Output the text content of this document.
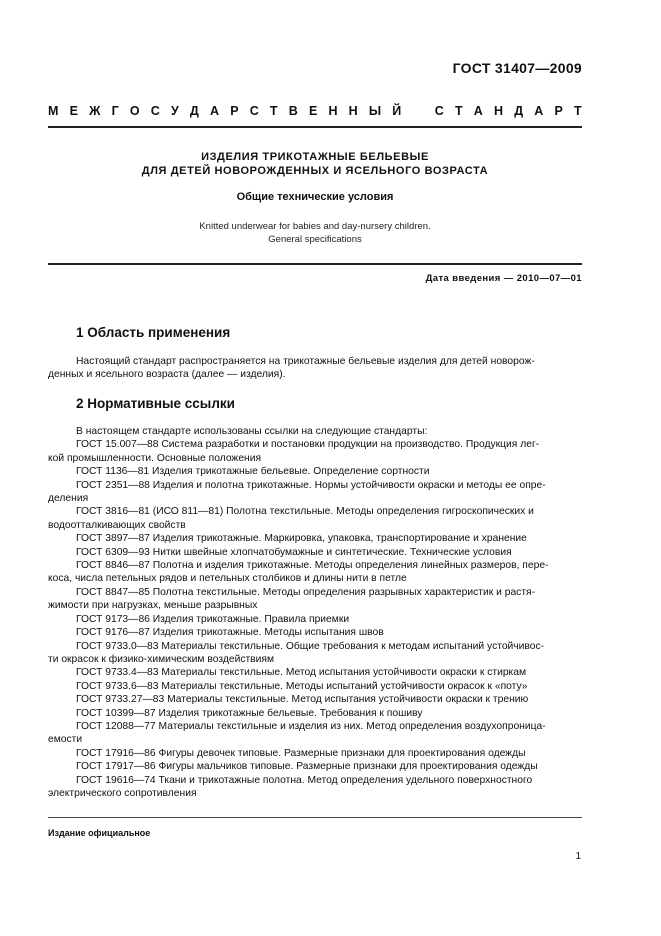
ГОСТ 31407—2009
М Е Ж Г О С У Д А Р С Т В Е Н Н Ы Й	С Т А Н Д А Р Т
ИЗДЕЛИЯ ТРИКОТАЖНЫЕ БЕЛЬЕВЫЕ
ДЛЯ ДЕТЕЙ НОВОРОЖДЕННЫХ И ЯСЕЛЬНОГО ВОЗРАСТА
Общие технические условия
Knitted underwear for babies and day-nursery children.
General specifications
Дата введения — 2010—07—01
1 Область применения
Настоящий стандарт распространяется на трикотажные бельевые изделия для детей новорож-
денных и ясельного возраста (далее — изделия).
2 Нормативные ссылки
В настоящем стандарте использованы ссылки на следующие стандарты:
ГОСТ 15.007—88 Система разработки и постановки продукции на производство. Продукция лег-
кой промышленности. Основные положения
ГОСТ 1136—81 Изделия трикотажные бельевые. Определение сортности
ГОСТ 2351—88 Изделия и полотна трикотажные. Нормы устойчивости окраски и методы ее опре-
деления
ГОСТ 3816—81 (ИСО 811—81) Полотна текстильные. Методы определения гигроскопических и
водоотталкивающих свойств
ГОСТ 3897—87 Изделия трикотажные. Маркировка, упаковка, транспортирование и хранение
ГОСТ 6309—93 Нитки швейные хлопчатобумажные и синтетические. Технические условия
ГОСТ 8846—87 Полотна и изделия трикотажные. Методы определения линейных размеров, пере-
коса, числа петельных рядов и петельных столбиков и длины нити в петле
ГОСТ 8847—85 Полотна текстильные. Методы определения разрывных характеристик и растя-
жимости при нагрузках, меньше разрывных
ГОСТ 9173—86 Изделия трикотажные. Правила приемки
ГОСТ 9176—87 Изделия трикотажные. Методы испытания швов
ГОСТ 9733.0—83 Материалы текстильные. Общие требования к методам испытаний устойчивос-
ти окрасок к физико-химическим воздействиям
ГОСТ 9733.4—83 Материалы текстильные. Метод испытания устойчивости окраски к стиркам
ГОСТ 9733.6—83 Материалы текстильные. Методы испытаний устойчивости окрасок к «поту»
ГОСТ 9733.27—83 Материалы текстильные. Метод испытания устойчивости окраски к трению
ГОСТ 10399—87 Изделия трикотажные бельевые. Требования к пошиву
ГОСТ 12088—77 Материалы текстильные и изделия из них. Метод определения воздухопроница-
емости
ГОСТ 17916—86 Фигуры девочек типовые. Размерные признаки для проектирования одежды
ГОСТ 17917—86 Фигуры мальчиков типовые. Размерные признаки для проектирования одежды
ГОСТ 19616—74 Ткани и трикотажные полотна. Метод определения удельного поверхностного
электрического сопротивления
Издание официальное
1
